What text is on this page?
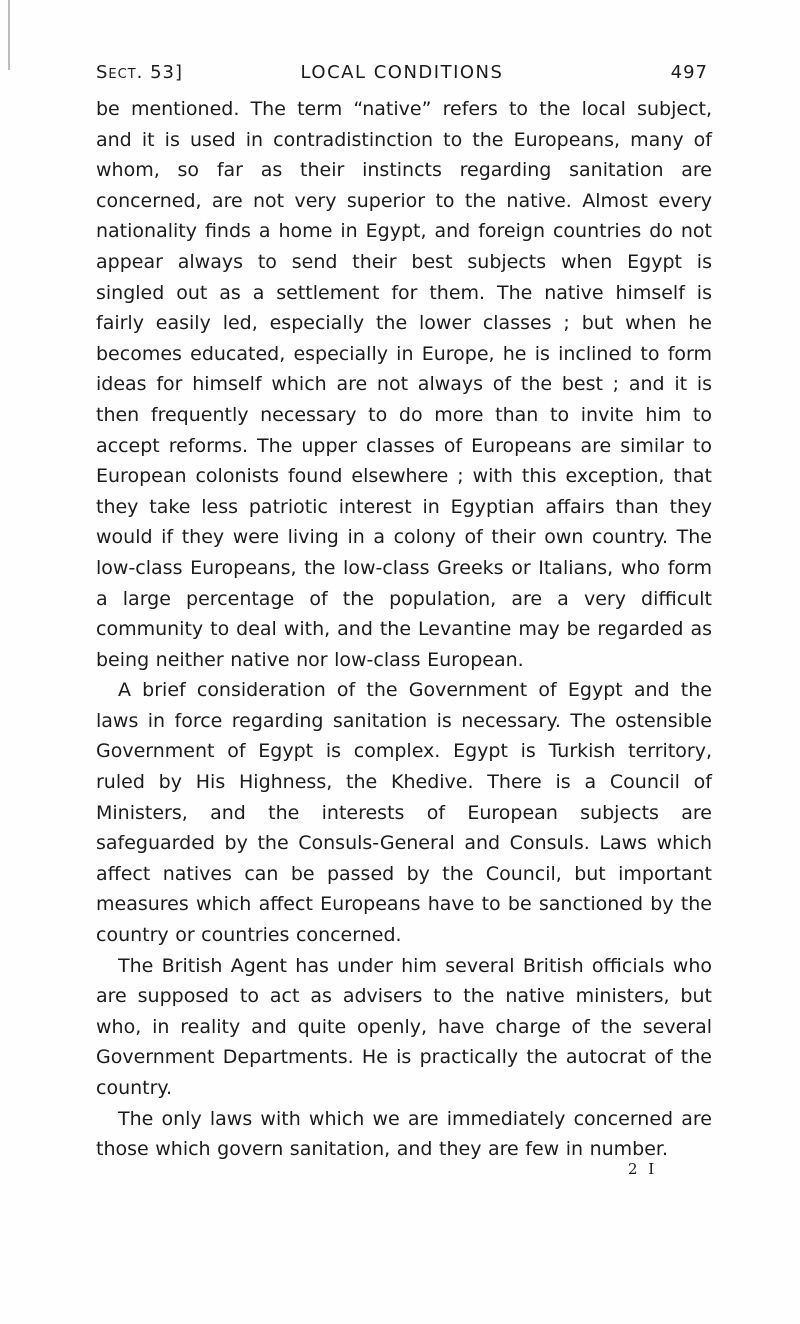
Sect. 53]	LOCAL CONDITIONS	497

be mentioned. The term “native” refers to the local subject, and it is used in contradistinction to the Europeans, many of whom, so far as their instincts regarding sanitation are concerned, are not very superior to the native. Almost every nationality finds a home in Egypt, and foreign countries do not appear always to send their best subjects when Egypt is singled out as a settlement for them. The native himself is fairly easily led, especially the lower classes ; but when he becomes educated, especially in Europe, he is inclined to form ideas for himself which are not always of the best ; and it is then frequently necessary to do more than to invite him to accept reforms. The upper classes of Europeans are similar to European colonists found elsewhere ; with this exception, that they take less patriotic interest in Egyptian affairs than they would if they were living in a colony of their own country. The low-class Europeans, the low-class Greeks or Italians, who form a large percentage of the population, are a very difficult community to deal with, and the Levantine may be regarded as being neither native nor low-class European.

A brief consideration of the Government of Egypt and the laws in force regarding sanitation is necessary. The ostensible Government of Egypt is complex. Egypt is Turkish territory, ruled by His Highness, the Khedive. There is a Council of Ministers, and the interests of European subjects are safeguarded by the Consuls-General and Consuls. Laws which affect natives can be passed by the Council, but important measures which affect Europeans have to be sanctioned by the country or countries concerned.

The British Agent has under him several British officials who are supposed to act as advisers to the native ministers, but who, in reality and quite openly, have charge of the several Government Departments. He is practically the autocrat of the country.

The only laws with which we are immediately concerned are those which govern sanitation, and they are few in number.

2 I
